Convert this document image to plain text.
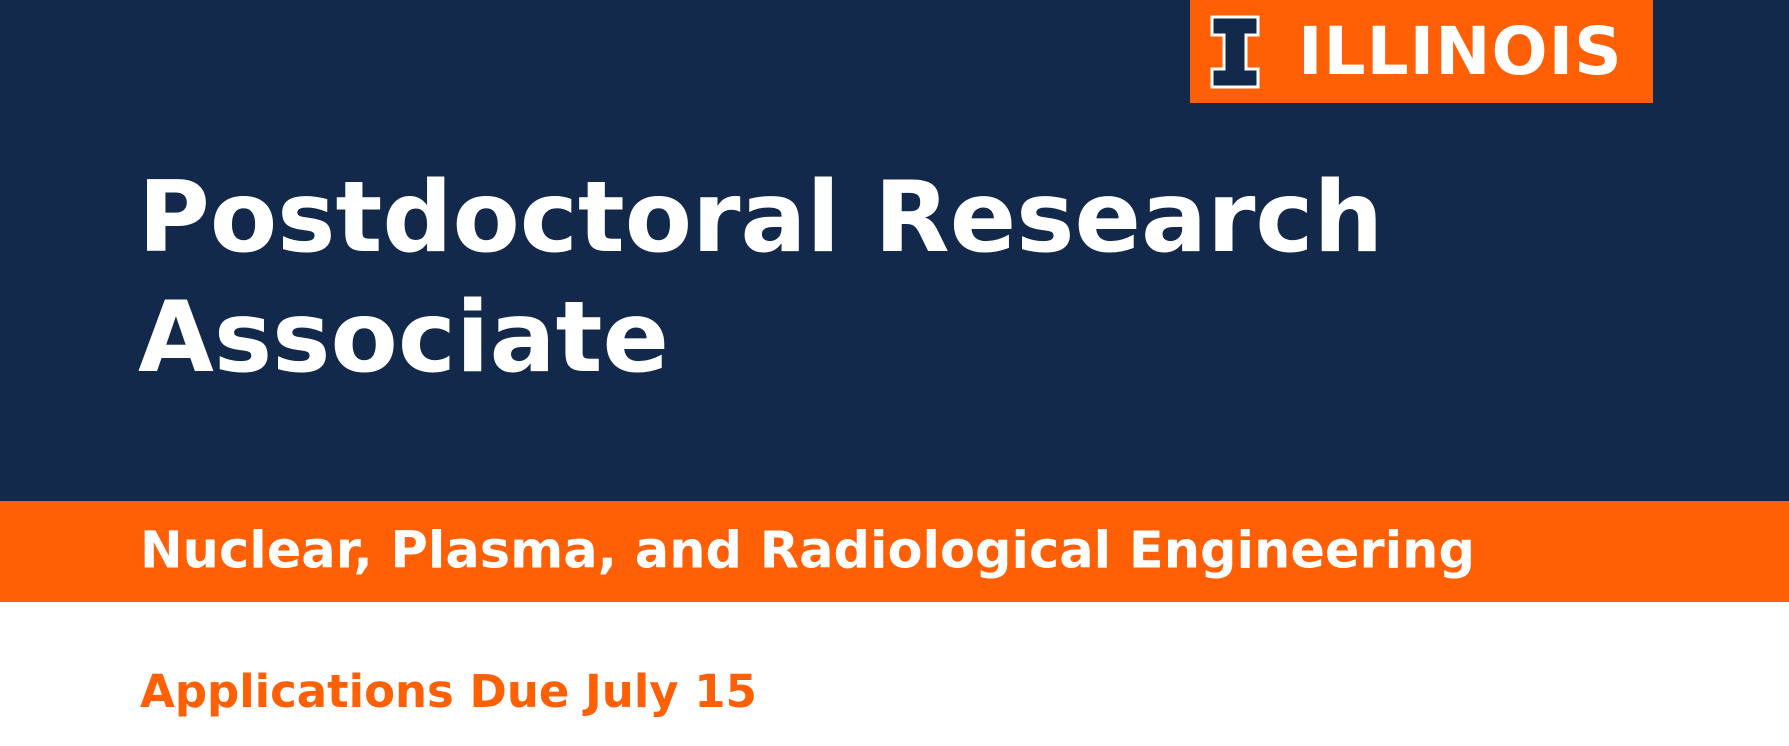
ILLINOIS
Postdoctoral Research
Associate
Nuclear, Plasma, and Radiological Engineering
Applications Due July 15
